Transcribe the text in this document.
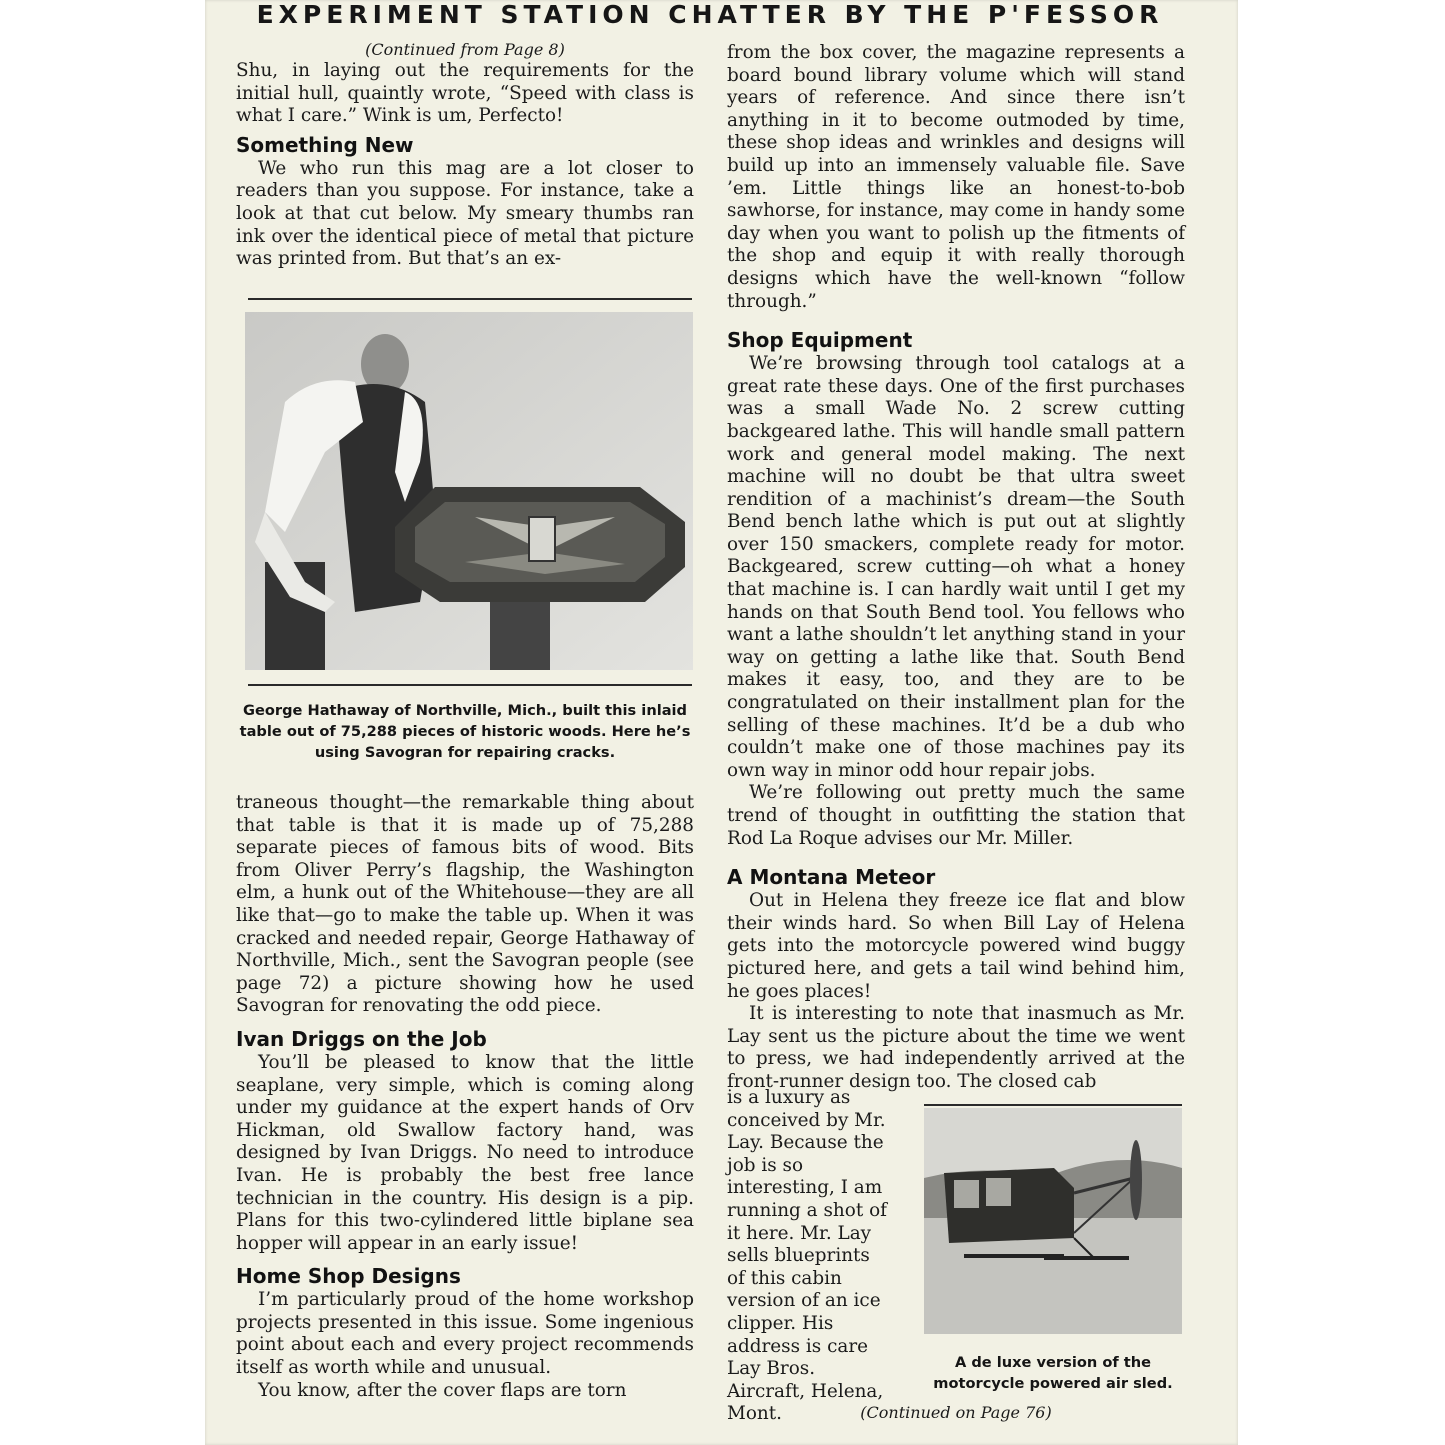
EXPERIMENT STATION CHATTER BY THE P'FESSOR

(Continued from Page 8)

Shu, in laying out the requirements for the initial hull, quaintly wrote, “Speed with class is what I care.” Wink is um, Perfecto!

Something New

We who run this mag are a lot closer to readers than you suppose. For instance, take a look at that cut below. My smeary thumbs ran ink over the identical piece of metal that picture was printed from. But that’s an ex-

George Hathaway of Northville, Mich., built this inlaid table out of 75,288 pieces of historic woods. Here he’s using Savogran for repairing cracks.

traneous thought—the remarkable thing about that table is that it is made up of 75,288 separate pieces of famous bits of wood. Bits from Oliver Perry’s flagship, the Washington elm, a hunk out of the Whitehouse—they are all like that—go to make the table up. When it was cracked and needed repair, George Hathaway of Northville, Mich., sent the Savogran people (see page 72) a picture showing how he used Savogran for renovating the odd piece.

Ivan Driggs on the Job

You’ll be pleased to know that the little seaplane, very simple, which is coming along under my guidance at the expert hands of Orv Hickman, old Swallow factory hand, was designed by Ivan Driggs. No need to introduce Ivan. He is probably the best free lance technician in the country. His design is a pip. Plans for this two-cylindered little biplane sea hopper will appear in an early issue!

Home Shop Designs

I’m particularly proud of the home workshop projects presented in this issue. Some ingenious point about each and every project recommends itself as worth while and unusual.

You know, after the cover flaps are torn

from the box cover, the magazine represents a board bound library volume which will stand years of reference. And since there isn’t anything in it to become outmoded by time, these shop ideas and wrinkles and designs will build up into an immensely valuable file. Save ’em. Little things like an honest-to-bob sawhorse, for instance, may come in handy some day when you want to polish up the fitments of the shop and equip it with really thorough designs which have the well-known “follow through.”

Shop Equipment

We’re browsing through tool catalogs at a great rate these days. One of the first purchases was a small Wade No. 2 screw cutting backgeared lathe. This will handle small pattern work and general model making. The next machine will no doubt be that ultra sweet rendition of a machinist’s dream—the South Bend bench lathe which is put out at slightly over 150 smackers, complete ready for motor. Backgeared, screw cutting—oh what a honey that machine is. I can hardly wait until I get my hands on that South Bend tool. You fellows who want a lathe shouldn’t let anything stand in your way on getting a lathe like that. South Bend makes it easy, too, and they are to be congratulated on their installment plan for the selling of these machines. It’d be a dub who couldn’t make one of those machines pay its own way in minor odd hour repair jobs.

We’re following out pretty much the same trend of thought in outfitting the station that Rod La Roque advises our Mr. Miller.

A Montana Meteor

Out in Helena they freeze ice flat and blow their winds hard. So when Bill Lay of Helena gets into the motorcycle powered wind buggy pictured here, and gets a tail wind behind him, he goes places!

It is interesting to note that inasmuch as Mr. Lay sent us the picture about the time we went to press, we had independently arrived at the front-runner design too. The closed cab

is a luxury as conceived by Mr. Lay. Because the job is so interesting, I am running a shot of it here. Mr. Lay sells blueprints of this cabin version of an ice clipper. His address is care Lay Bros. Aircraft, Helena, Mont.

A de luxe version of the motorcycle powered air sled.

(Continued on Page 76)
